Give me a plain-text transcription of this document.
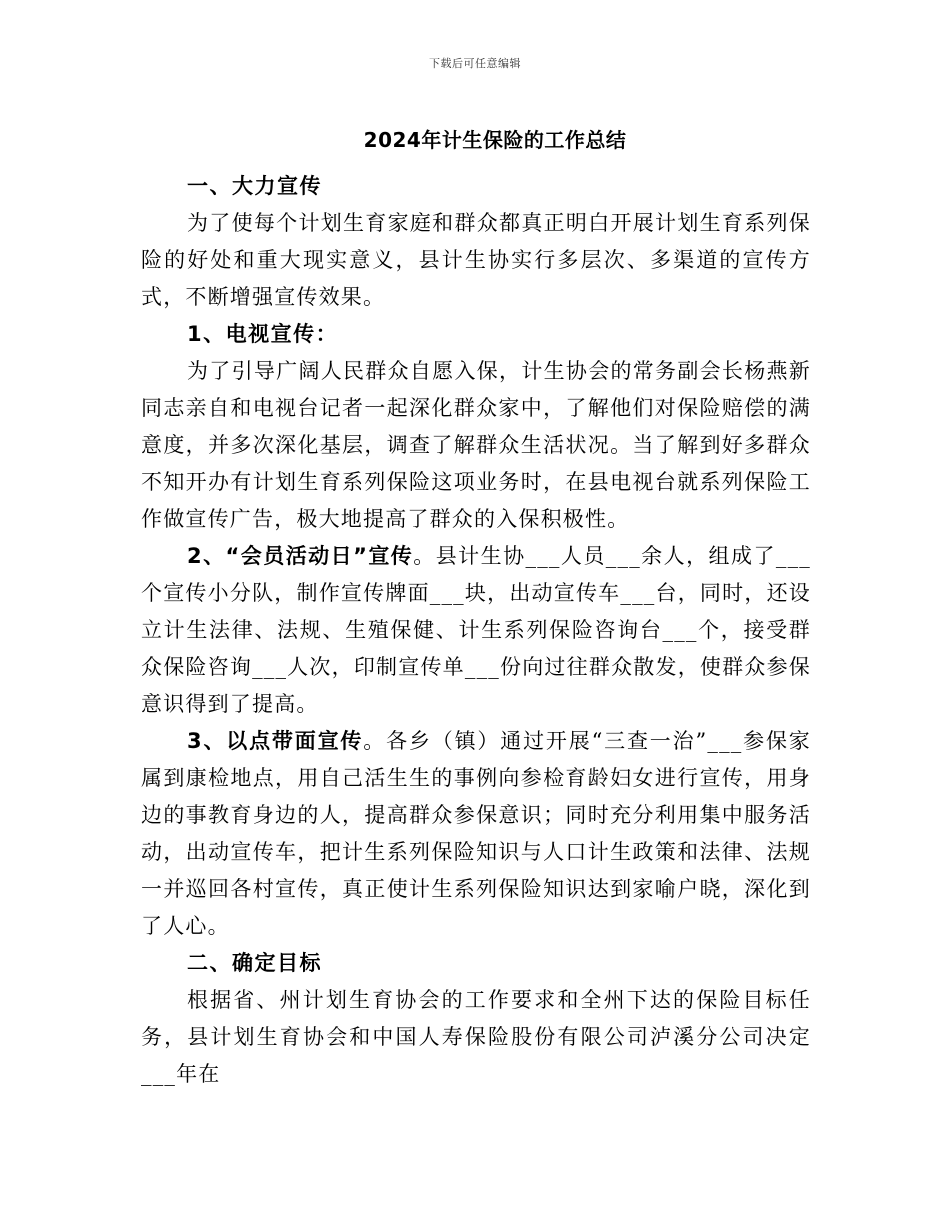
下载后可任意编辑
2024年计生保险的工作总结

一、大力宣传

为了使每个计划生育家庭和群众都真正明白开展计划生育系列保险的好处和重大现实意义，县计生协实行多层次、多渠道的宣传方式，不断增强宣传效果。

1、电视宣传：

为了引导广阔人民群众自愿入保，计生协会的常务副会长杨燕新同志亲自和电视台记者一起深化群众家中，了解他们对保险赔偿的满意度，并多次深化基层，调查了解群众生活状况。当了解到好多群众不知开办有计划生育系列保险这项业务时，在县电视台就系列保险工作做宣传广告，极大地提高了群众的入保积极性。

2、“会员活动日”宣传。县计生协___人员___余人，组成了___个宣传小分队，制作宣传牌面___块，出动宣传车___台，同时，还设立计生法律、法规、生殖保健、计生系列保险咨询台___个，接受群众保险咨询___人次，印制宣传单___份向过往群众散发，使群众参保意识得到了提高。

3、以点带面宣传。各乡（镇）通过开展“三查一治”___参保家属到康检地点，用自己活生生的事例向参检育龄妇女进行宣传，用身边的事教育身边的人，提高群众参保意识；同时充分利用集中服务活动，出动宣传车，把计生系列保险知识与人口计生政策和法律、法规一并巡回各村宣传，真正使计生系列保险知识达到家喻户晓，深化到了人心。

二、确定目标

根据省、州计划生育协会的工作要求和全州下达的保险目标任务，县计划生育协会和中国人寿保险股份有限公司泸溪分公司决定___年在
